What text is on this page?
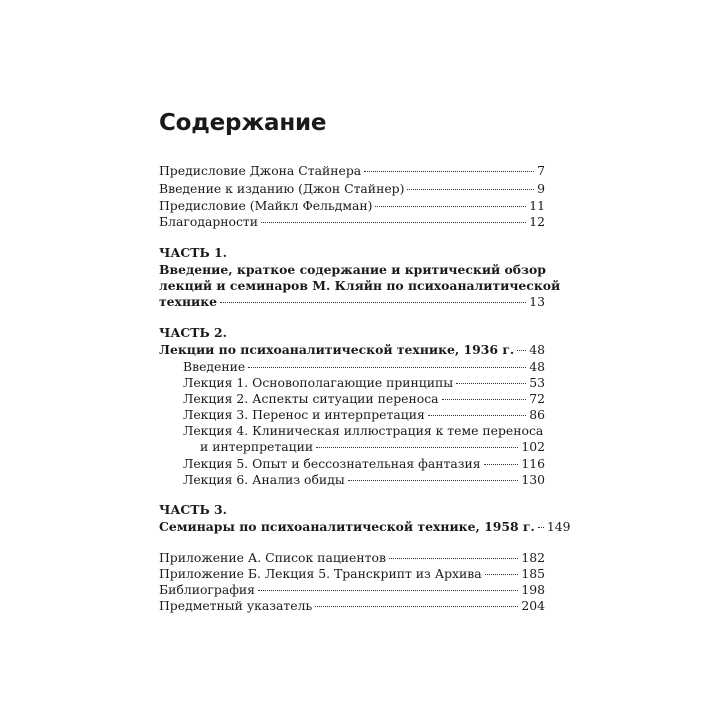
Содержание
Предисловие Джона Стайнера	7
Введение к изданию (Джон Стайнер)	9
Предисловие (Майкл Фельдман)	11
Благодарности	12
ЧАСТЬ 1.
Введение, краткое содержание и критический обзор
лекций и семинаров М. Кляйн по психоаналитической
технике	13
ЧАСТЬ 2.
Лекции по психоаналитической технике, 1936 г. 48
Введение	48
Лекция 1. Основополагающие принципы	53
Лекция 2. Аспекты ситуации переноса	72
Лекция 3. Перенос и интерпретация	86
Лекция 4. Клиническая иллюстрация к теме переноса
и интерпретации	102
Лекция 5. Опыт и бессознательная фантазия	116
Лекция 6. Анализ обиды	130
ЧАСТЬ 3.
Семинары по психоаналитической технике, 1958 г. 149
Приложение А. Список пациентов	182
Приложение Б. Лекция 5. Транскрипт из Архива	185
Библиография	198
Предметный указатель	204
